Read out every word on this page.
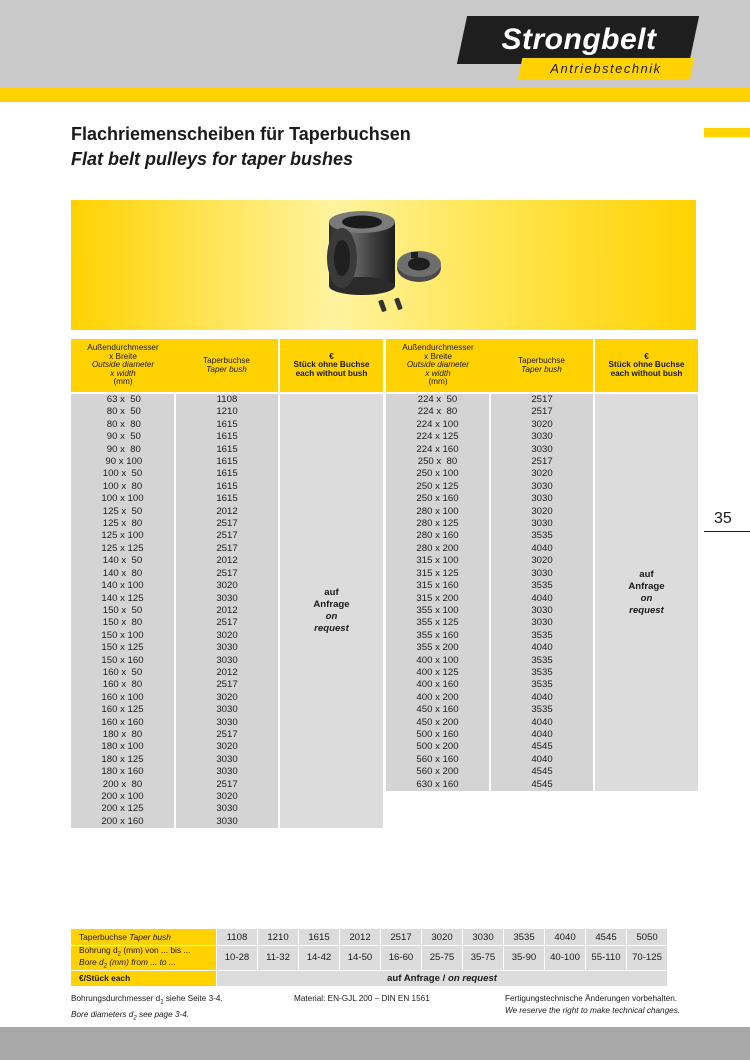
Strongbelt
Antriebstechnik
Flachriemenscheiben für Taperbuchsen
Flat belt pulleys for taper bushes
35
Außendurchmesser
x Breite
Outside diameter
x width
(mm)	Taperbuchse
Taper bush	€
Stück ohne Buchse
each without bush

63 x  50	1108	auf
Anfrage
on
request

80 x  50	1210	
80 x  80	1615	
90 x  50	1615	
90 x  80	1615	
90 x 100	1615	
100 x  50	1615	
100 x  80	1615	
100 x 100	1615	
125 x  50	2012	
125 x  80	2517	
125 x 100	2517	
125 x 125	2517	
140 x  50	2012	
140 x  80	2517	
140 x 100	3020	
140 x 125	3030	
150 x  50	2012	
150 x  80	2517	
150 x 100	3020	
150 x 125	3030	
150 x 160	3030	
160 x  50	2012	
160 x  80	2517	
160 x 100	3020	
160 x 125	3030	
160 x 160	3030	
180 x  80	2517	
180 x 100	3020	
180 x 125	3030	
180 x 160	3030	
200 x  80	2517	
200 x 100	3020	
200 x 125	3030	
200 x 160	3030	
Außendurchmesser
x Breite
Outside diameter
x width
(mm)	Taperbuchse
Taper bush	€
Stück ohne Buchse
each without bush

224 x  50	2517	auf
Anfrage
on
request

224 x  80	2517	
224 x 100	3020	
224 x 125	3030	
224 x 160	3030	
250 x  80	2517	
250 x 100	3020	
250 x 125	3030	
250 x 160	3030	
280 x 100	3020	
280 x 125	3030	
280 x 160	3535	
280 x 200	4040	
315 x 100	3020	
315 x 125	3030	
315 x 160	3535	
315 x 200	4040	
355 x 100	3030	
355 x 125	3030	
355 x 160	3535	
355 x 200	4040	
400 x 100	3535	
400 x 125	3535	
400 x 160	3535	
400 x 200	4040	
450 x 160	3535	
450 x 200	4040	
500 x 160	4040	
500 x 200	4545	
560 x 160	4040	
560 x 200	4545	
630 x 160	4545	
Taperbuchse Taper bush	1108	1210	1615	2012	2517	3020	3030	3535	4040	4545	5050

Bohrung $d_2$ (mm) von ... bis ...
Bore $d_2$ (mm) from ... to ...	10-28	11-32	14-42	14-50	16-60	25-75	35-75	35-90	40-100	55-110	70-125
€/Stück each	auf Anfrage / on request										
Bohrungsdurchmesser $d_2$ siehe Seite 3-4.
Bore diameters $d_2$ see page 3-4.
Material: EN-GJL 200 – DIN EN 1561	Fertigungstechnische Änderungen vorbehalten.
We reserve the right to make technical changes.
